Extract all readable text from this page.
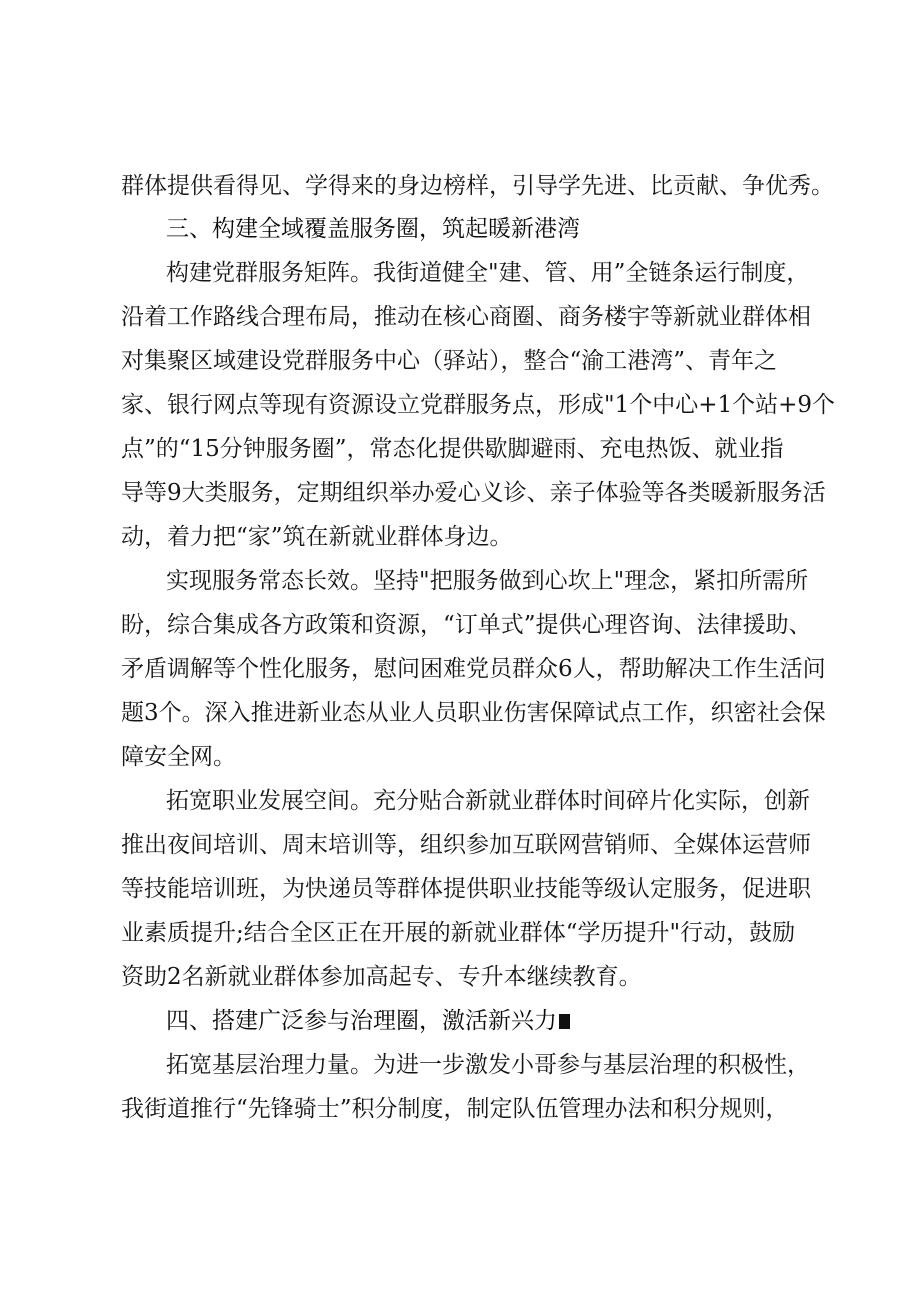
群体提供看得见、学得来的身边榜样，引导学先进、比贡献、争优秀。
三、构建全域覆盖服务圈，筑起暖新港湾
构建党群服务矩阵。我街道健全"建、管、用”全链条运行制度，
沿着工作路线合理布局，推动在核心商圈、商务楼宇等新就业群体相
对集聚区域建设党群服务中心（驿站），整合“渝工港湾”、青年之
家、银行网点等现有资源设立党群服务点，形成"1个中心+1个站+9个
点”的“15分钟服务圈”，常态化提供歇脚避雨、充电热饭、就业指
导等9大类服务，定期组织举办爱心义诊、亲子体验等各类暖新服务活
动，着力把“家”筑在新就业群体身边。
实现服务常态长效。坚持"把服务做到心坎上"理念，紧扣所需所
盼，综合集成各方政策和资源，“订单式”提供心理咨询、法律援助、
矛盾调解等个性化服务，慰问困难党员群众6人，帮助解决工作生活问
题3个。深入推进新业态从业人员职业伤害保障试点工作，织密社会保
障安全网。
拓宽职业发展空间。充分贴合新就业群体时间碎片化实际，创新
推出夜间培训、周末培训等，组织参加互联网营销师、全媒体运营师
等技能培训班，为快递员等群体提供职业技能等级认定服务，促进职
业素质提升;结合全区正在开展的新就业群体“学历提升"行动，鼓励
资助2名新就业群体参加高起专、专升本继续教育。
四、搭建广泛参与治理圈，激活新兴力
拓宽基层治理力量。为进一步激发小哥参与基层治理的积极性，
我街道推行“先锋骑士”积分制度，制定队伍管理办法和积分规则，
